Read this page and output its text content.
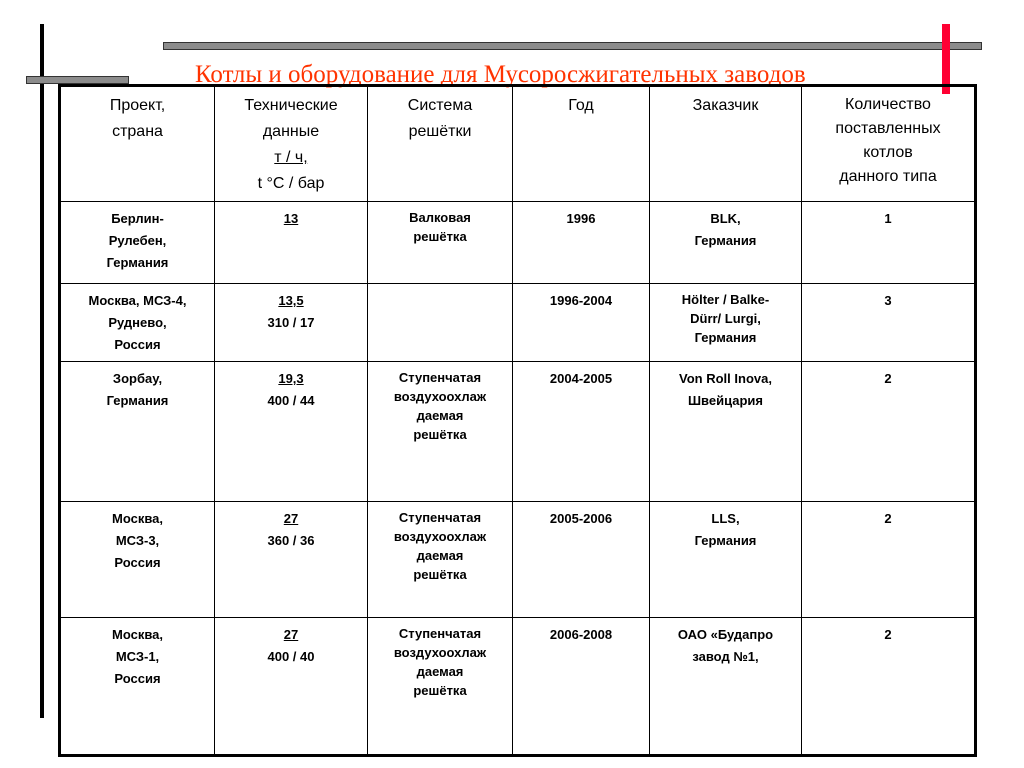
Котлы и оборудование для Мусоросжигательных заводов
Проект,
страна	Технические
данные
т / ч,
t °С / бар	Система
решётки	Год	Заказчик	Количество
поставленных
котлов
данного типа

Берлин-
Рулебен,
Германия	13	Валковая
решётка	1996	BLK,
Германия	1

Москва, МСЗ-4,
Руднево,
Россия	13,5
310 / 17		1996-2004	Hölter / Balke-
Dürr/ Lurgi,
Германия	3

Зорбау,
Германия	19,3
400 / 44	Ступенчатая
воздухоохлаж
даемая
решётка	2004-2005	Von Roll Inova,
Швейцария	2

Москва,
МСЗ-3,
Россия	27
360 / 36	Ступенчатая
воздухоохлаж
даемая
решётка	2005-2006	LLS,
Германия	2

Москва,
МСЗ-1,
Россия	27
400 / 40	Ступенчатая
воздухоохлаж
даемая
решётка	2006-2008	ОАО «Будапро
завод №1,	2
